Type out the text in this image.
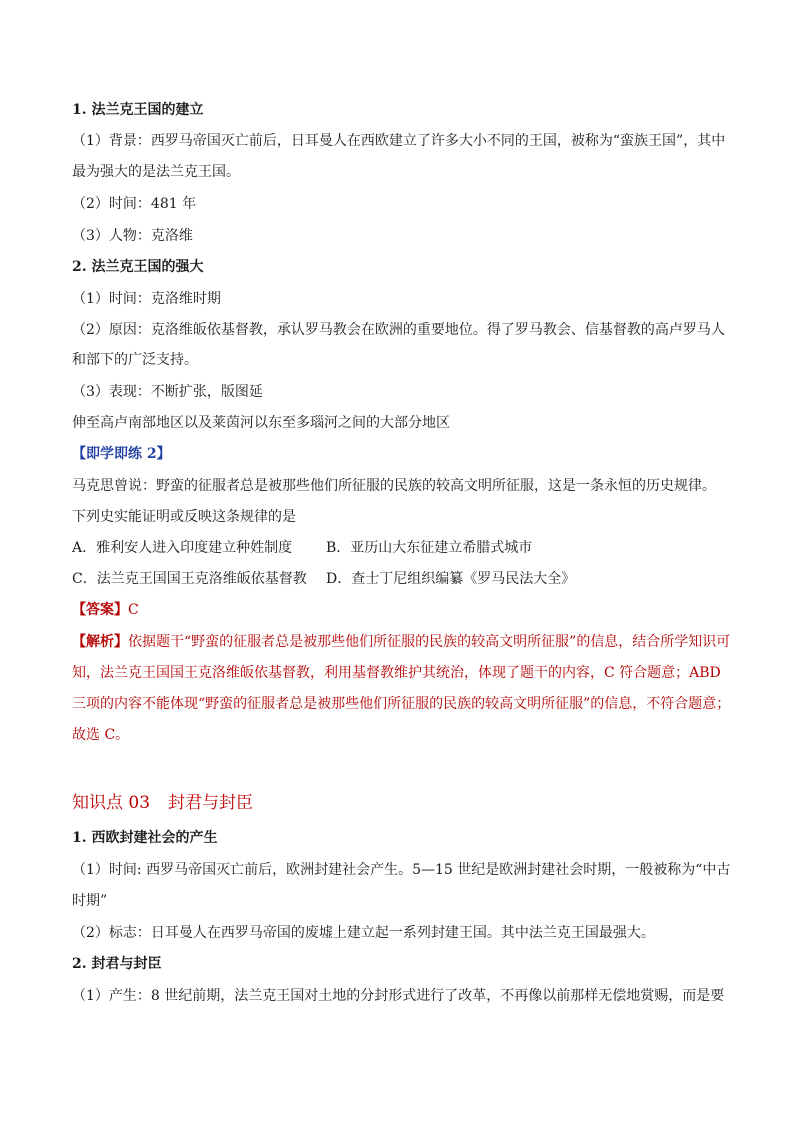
1. 法兰克王国的建立
（1）背景：西罗马帝国灭亡前后，日耳曼人在西欧建立了许多大小不同的王国，被称为“蛮族王国”，其中
最为强大的是法兰克王国。
（2）时间：481 年
（3）人物：克洛维
2. 法兰克王国的强大
（1）时间：克洛维时期
（2）原因：克洛维皈依基督教，承认罗马教会在欧洲的重要地位。得了罗马教会、信基督教的高卢罗马人
和部下的广泛支持。
（3）表现：不断扩张，版图延
伸至高卢南部地区以及莱茵河以东至多瑙河之间的大部分地区
【即学即练 2】
马克思曾说：野蛮的征服者总是被那些他们所征服的民族的较高文明所征服，这是一条永恒的历史规律。
下列史实能证明或反映这条规律的是
A．雅利安人进入印度建立种姓制度 B．亚历山大东征建立希腊式城市
C．法兰克王国国王克洛维皈依基督教 D．查士丁尼组织编纂《罗马民法大全》
【答案】C
【解析】依据题干“野蛮的征服者总是被那些他们所征服的民族的较高文明所征服”的信息，结合所学知识可
知，法兰克王国国王克洛维皈依基督教，利用基督教维护其统治，体现了题干的内容，C 符合题意；ABD
三项的内容不能体现“野蛮的征服者总是被那些他们所征服的民族的较高文明所征服”的信息，不符合题意；
故选 C。
知识点 03 封君与封臣
1. 西欧封建社会的产生
（1）时间: 西罗马帝国灭亡前后，欧洲封建社会产生。5—15 世纪是欧洲封建社会时期，一般被称为“中古
时期”
（2）标志：日耳曼人在西罗马帝国的废墟上建立起一系列封建王国。其中法兰克王国最强大。
2. 封君与封臣
（1）产生：8 世纪前期，法兰克王国对土地的分封形式进行了改革，不再像以前那样无偿地赏赐，而是要
